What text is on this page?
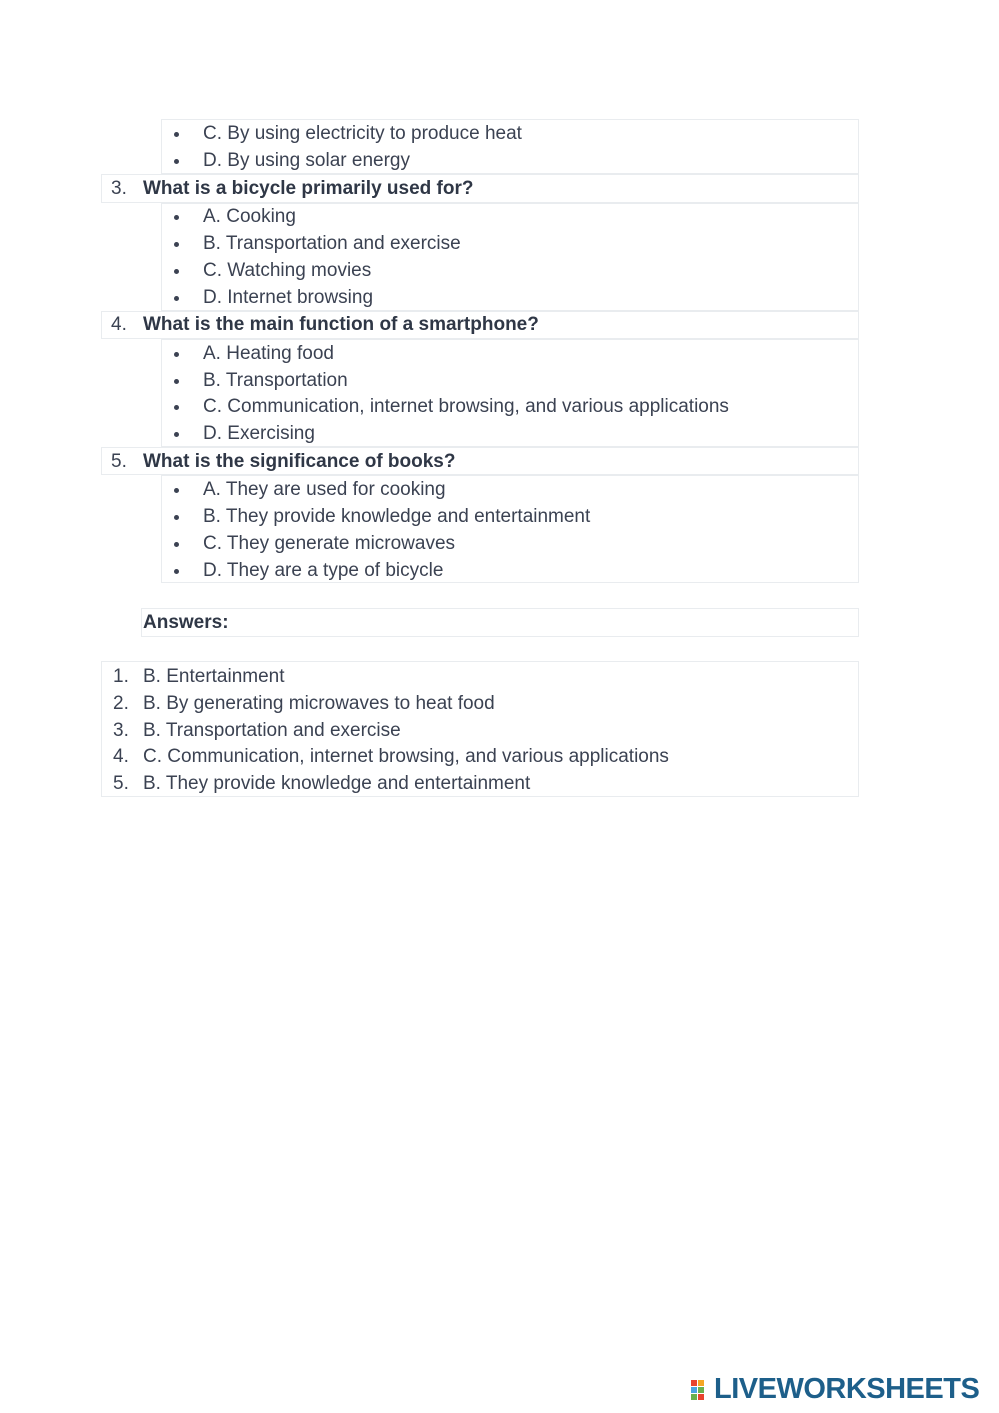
C. By using electricity to produce heat
D. By using solar energy
3. What is a bicycle primarily used for?
A. Cooking
B. Transportation and exercise
C. Watching movies
D. Internet browsing
4. What is the main function of a smartphone?
A. Heating food
B. Transportation
C. Communication, internet browsing, and various applications
D. Exercising
5. What is the significance of books?
A. They are used for cooking
B. They provide knowledge and entertainment
C. They generate microwaves
D. They are a type of bicycle
Answers:
1. B. Entertainment
2. B. By generating microwaves to heat food
3. B. Transportation and exercise
4. C. Communication, internet browsing, and various applications
5. B. They provide knowledge and entertainment
LIVEWORKSHEETS
